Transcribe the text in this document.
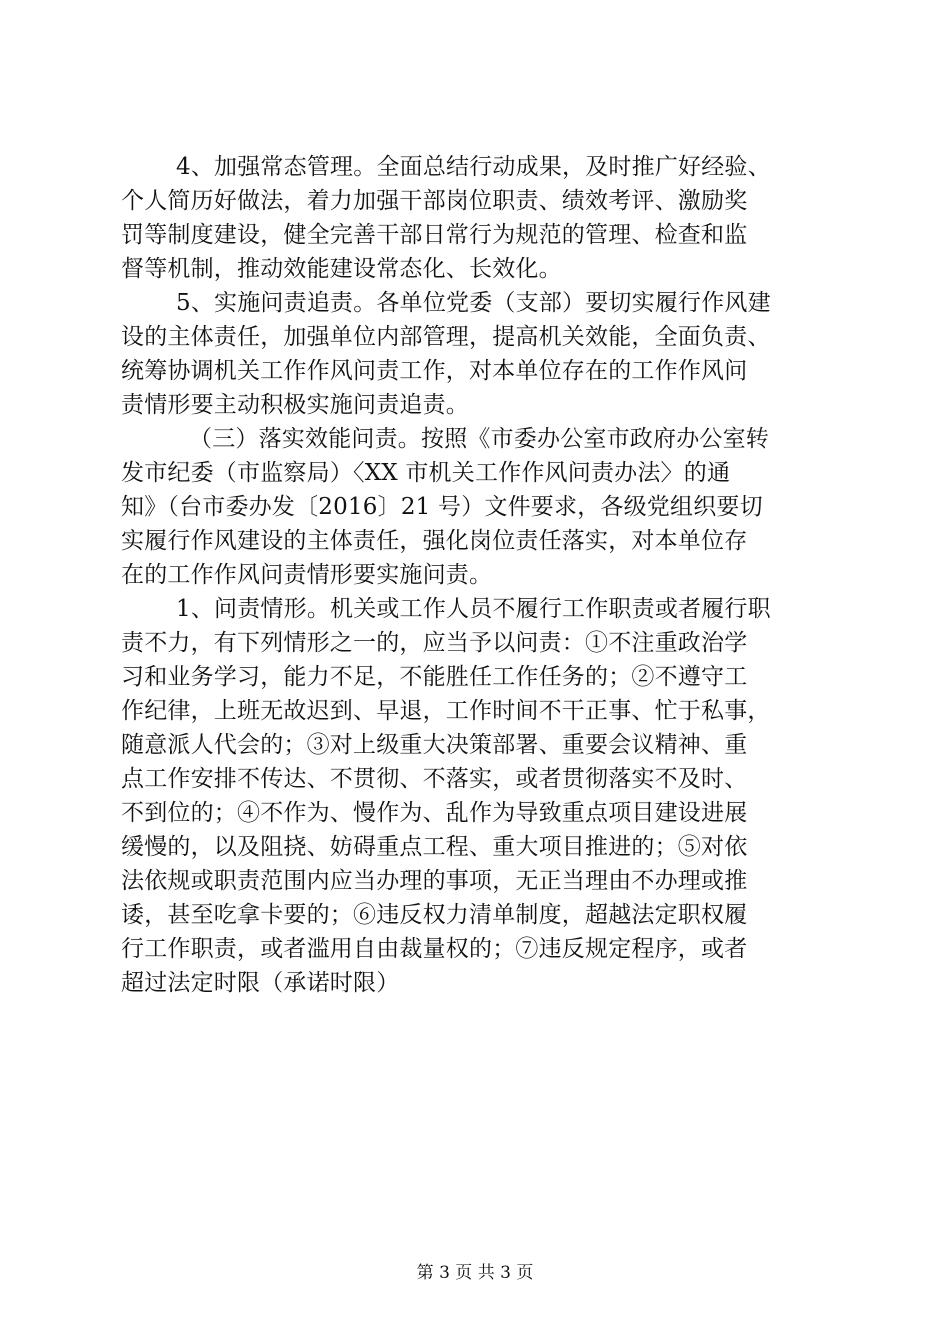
4、加强常态管理。全面总结行动成果，及时推广好经验、
个人简历好做法，着力加强干部岗位职责、绩效考评、激励奖
罚等制度建设，健全完善干部日常行为规范的管理、检查和监
督等机制，推动效能建设常态化、长效化。
5、实施问责追责。各单位党委（支部）要切实履行作风建
设的主体责任，加强单位内部管理，提高机关效能，全面负责、
统筹协调机关工作作风问责工作，对本单位存在的工作作风问
责情形要主动积极实施问责追责。
（三）落实效能问责。按照《市委办公室市政府办公室转
发市纪委（市监察局）〈XX 市机关工作作风问责办法〉的通
知》（台市委办发〔2016〕21 号）文件要求，各级党组织要切
实履行作风建设的主体责任，强化岗位责任落实，对本单位存
在的工作作风问责情形要实施问责。
1、问责情形。机关或工作人员不履行工作职责或者履行职
责不力，有下列情形之一的，应当予以问责：①不注重政治学
习和业务学习，能力不足，不能胜任工作任务的；②不遵守工
作纪律，上班无故迟到、早退，工作时间不干正事、忙于私事，
随意派人代会的；③对上级重大决策部署、重要会议精神、重
点工作安排不传达、不贯彻、不落实，或者贯彻落实不及时、
不到位的；④不作为、慢作为、乱作为导致重点项目建设进展
缓慢的，以及阻挠、妨碍重点工程、重大项目推进的；⑤对依
法依规或职责范围内应当办理的事项，无正当理由不办理或推
诿，甚至吃拿卡要的；⑥违反权力清单制度，超越法定职权履
行工作职责，或者滥用自由裁量权的；⑦违反规定程序，或者
超过法定时限（承诺时限）
第 3 页 共 3 页
